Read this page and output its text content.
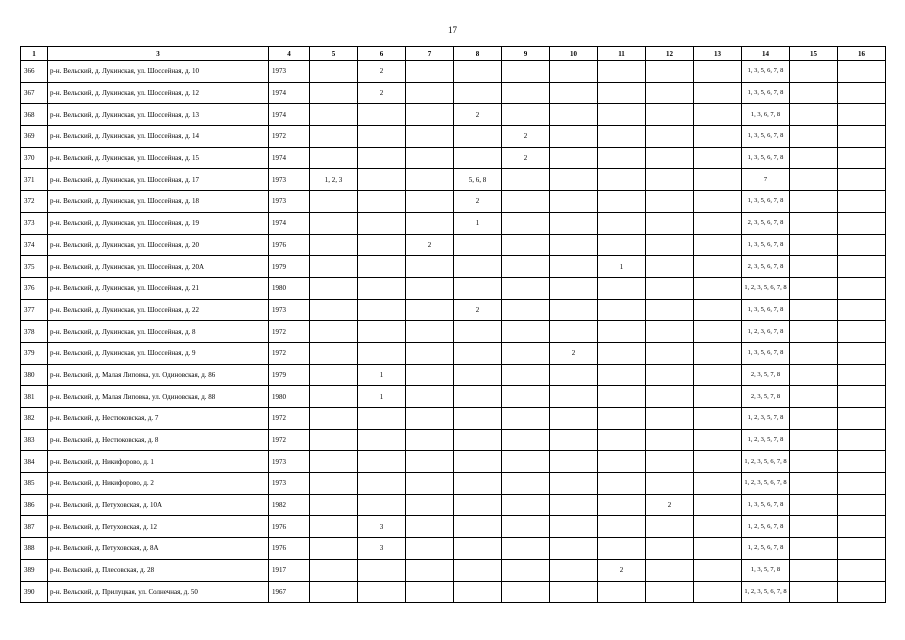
17
1	3	4	5	6	7	8	9	10	11	12	13	14	15	16
366	р-н. Вельский, д. Лукинская, ул. Шоссейная, д. 10	1973		2								1, 3, 5, 6, 7, 8		
367	р-н. Вельский, д. Лукинская, ул. Шоссейная, д. 12	1974		2								1, 3, 5, 6, 7, 8		
368	р-н. Вельский, д. Лукинская, ул. Шоссейная, д. 13	1974				2						1, 3, 6, 7, 8		
369	р-н. Вельский, д. Лукинская, ул. Шоссейная, д. 14	1972					2					1, 3, 5, 6, 7, 8		
370	р-н. Вельский, д. Лукинская, ул. Шоссейная, д. 15	1974					2					1, 3, 5, 6, 7, 8		
371	р-н. Вельский, д. Лукинская, ул. Шоссейная, д. 17	1973	1, 2, 3			5, 6, 8						7		
372	р-н. Вельский, д. Лукинская, ул. Шоссейная, д. 18	1973				2						1, 3, 5, 6, 7, 8		
373	р-н. Вельский, д. Лукинская, ул. Шоссейная, д. 19	1974				1						2, 3, 5, 6, 7, 8		
374	р-н. Вельский, д. Лукинская, ул. Шоссейная, д. 20	1976			2							1, 3, 5, 6, 7, 8		
375	р-н. Вельский, д. Лукинская, ул. Шоссейная, д. 20А	1979							1			2, 3, 5, 6, 7, 8		
376	р-н. Вельский, д. Лукинская, ул. Шоссейная, д. 21	1980										1, 2, 3, 5, 6, 7, 8		
377	р-н. Вельский, д. Лукинская, ул. Шоссейная, д. 22	1973				2						1, 3, 5, 6, 7, 8		
378	р-н. Вельский, д. Лукинская, ул. Шоссейная, д. 8	1972										1, 2, 3, 6, 7, 8		
379	р-н. Вельский, д. Лукинская, ул. Шоссейная, д. 9	1972						2				1, 3, 5, 6, 7, 8		
380	р-н. Вельский, д. Малая Липовка, ул. Одиновская, д. 86	1979		1								2, 3, 5, 7, 8		
381	р-н. Вельский, д. Малая Липовка, ул. Одиновская, д. 88	1980		1								2, 3, 5, 7, 8		
382	р-н. Вельский, д. Нестюковская, д. 7	1972										1, 2, 3, 5, 7, 8		
383	р-н. Вельский, д. Нестюковская, д. 8	1972										1, 2, 3, 5, 7, 8		
384	р-н. Вельский, д. Никифорово, д. 1	1973										1, 2, 3, 5, 6, 7, 8		
385	р-н. Вельский, д. Никифорово, д. 2	1973										1, 2, 3, 5, 6, 7, 8		
386	р-н. Вельский, д. Петуховская, д. 10А	1982								2		1, 3, 5, 6, 7, 8		
387	р-н. Вельский, д. Петуховская, д. 12	1976		3								1, 2, 5, 6, 7, 8		
388	р-н. Вельский, д. Петуховская, д. 8А	1976		3								1, 2, 5, 6, 7, 8		
389	р-н. Вельский, д. Плесовская, д. 28	1917							2			1, 3, 5, 7, 8		
390	р-н. Вельский, д. Прилуцкая, ул. Солнечная, д. 50	1967										1, 2, 3, 5, 6, 7, 8		
